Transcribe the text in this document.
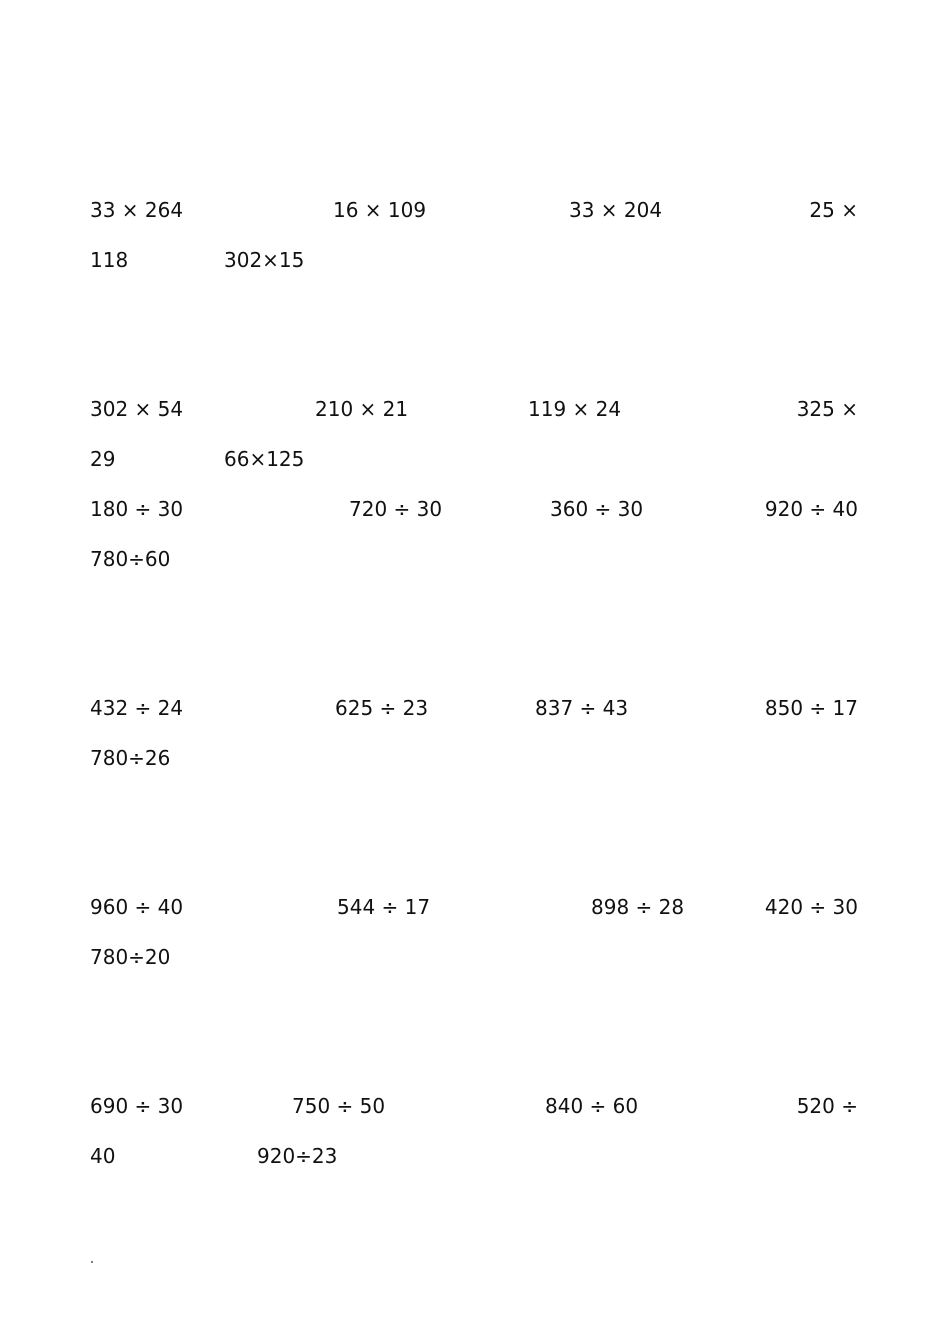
33 × 264	16 × 109	33 × 204	25 ×
118	302×15
302 × 54	210 × 21	119 × 24	325 ×
29	66×125
180 ÷ 30	720 ÷ 30	360 ÷ 30	920 ÷ 40
780÷60
432 ÷ 24	625 ÷ 23	837 ÷ 43	850 ÷ 17
780÷26
960 ÷ 40	544 ÷ 17	898 ÷ 28	420 ÷ 30
780÷20
690 ÷ 30	750 ÷ 50	840 ÷ 60	520 ÷
40	920÷23
